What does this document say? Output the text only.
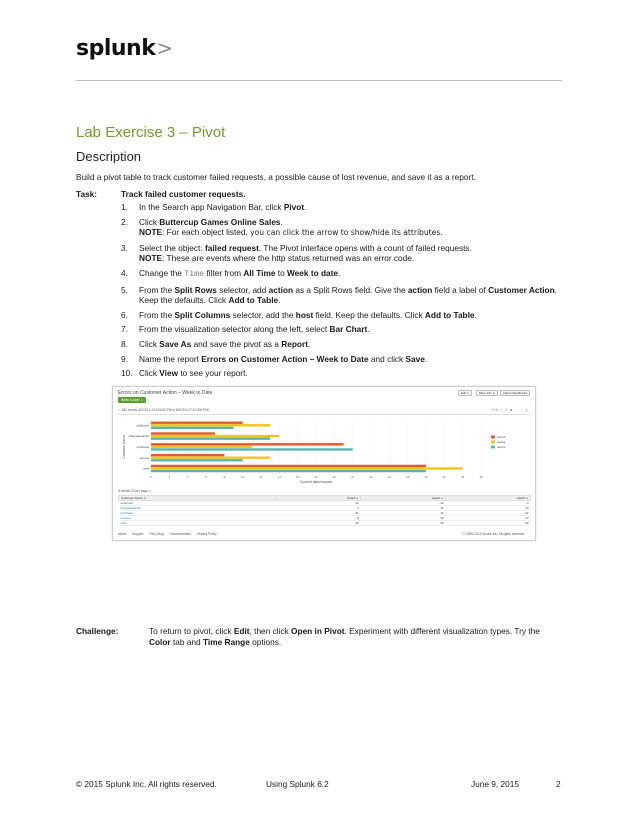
splunk>
Lab Exercise 3 – Pivot
Description
Build a pivot table to track customer failed requests, a possible cause of lost revenue, and save it as a report.
Task:	Track failed customer requests.
1.	In the Search app Navigation Bar, click Pivot.
2.	Click Buttercup Games Online Sales.
NOTE: For each object listed, you can click the arrow to show/hide its attributes.
3.	Select the object: failed request. The Pivot interface opens with a count of failed requests.
NOTE: These are events where the http status returned was an error code.
4.	Change the Time filter from All Time to Week to date.
5.	From the Split Rows selector, add action as a Split Rows field. Give the action field a label of Customer Action. Keep the defaults. Click Add to Table.
6.	From the Split Columns selector, add the host field. Keep the defaults. Click Add to Table.
7.	From the visualization selector along the left, select Bar Chart.
8.	Click Save As and save the pivot as a Report.
9.	Name the report Errors on Customer Action – Week to Date and click Save.
10. Click View to see your report.
Errors on Customer Action – Week to Date	Edit ∨	More Info ∨	Add to Dashboard
Week to date ∨
✓ 482 events (6/7/15 1:12:00.000 PM to 6/9/15 5:07:11.000 PM)	Job ∨ ‖ ■ → ⤓ ⎙
addtocart
changequantity
purchase
remove
view
0	2	4	6	8	10	12	14	16	18	20	22	24	26	28	30	32	34	36
Count of failed request
Customer Action	www1
www2
www3
5 results 20 per page ∨
Customer Action ∧	www1 ∧	www2 ∧	www3 ∧
addtocart	10	13	9
changequantity	7	14	13
purchase	21	11	22
remove	8	13	10
view	30	34	30
About Support File a Bug Documentation Privacy Policy	© 2005-2014 Splunk Inc. All rights reserved.
Challenge:	To return to pivot, click Edit, then click Open in Pivot. Experiment with different visualization types. Try the Color tab and Time Range options.
© 2015 Splunk Inc. All rights reserved.	Using Splunk 6.2	June 9, 2015	2
